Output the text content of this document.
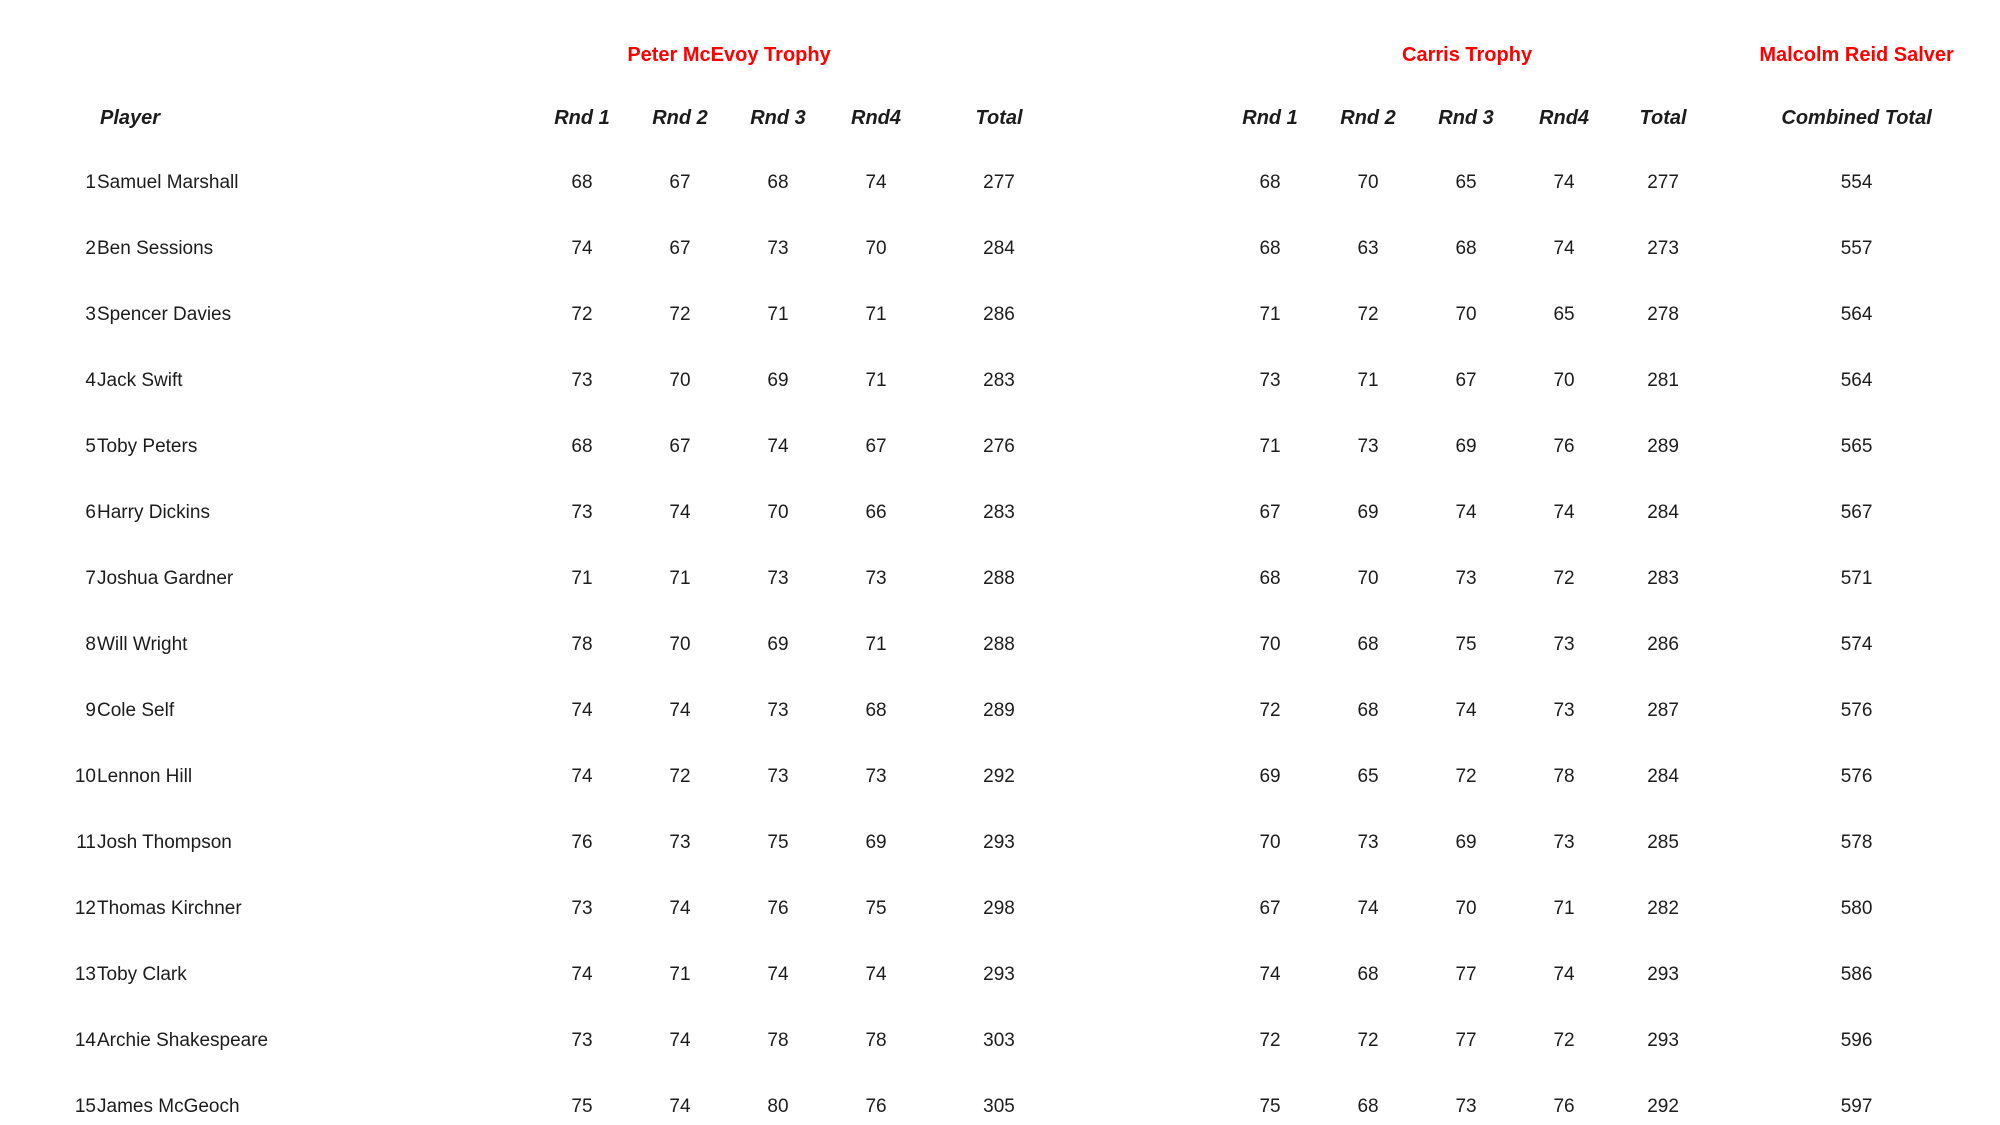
		Peter McEvoy Trophy						Carris Trophy					Malcolm Reid Salver
	Player	Rnd 1	Rnd 2	Rnd 3	Rnd4	Total		Rnd 1	Rnd 2	Rnd 3	Rnd4	Total	Combined Total
1	Samuel Marshall	68	67	68	74	277		68	70	65	74	277	554
2	Ben Sessions	74	67	73	70	284		68	63	68	74	273	557
3	Spencer Davies	72	72	71	71	286		71	72	70	65	278	564
4	Jack Swift	73	70	69	71	283		73	71	67	70	281	564
5	Toby Peters	68	67	74	67	276		71	73	69	76	289	565
6	Harry Dickins	73	74	70	66	283		67	69	74	74	284	567
7	Joshua Gardner	71	71	73	73	288		68	70	73	72	283	571
8	Will Wright	78	70	69	71	288		70	68	75	73	286	574
9	Cole Self	74	74	73	68	289		72	68	74	73	287	576
10	Lennon Hill	74	72	73	73	292		69	65	72	78	284	576
11	Josh Thompson	76	73	75	69	293		70	73	69	73	285	578
12	Thomas Kirchner	73	74	76	75	298		67	74	70	71	282	580
13	Toby Clark	74	71	74	74	293		74	68	77	74	293	586
14	Archie Shakespeare	73	74	78	78	303		72	72	77	72	293	596
15	James McGeoch	75	74	80	76	305		75	68	73	76	292	597
